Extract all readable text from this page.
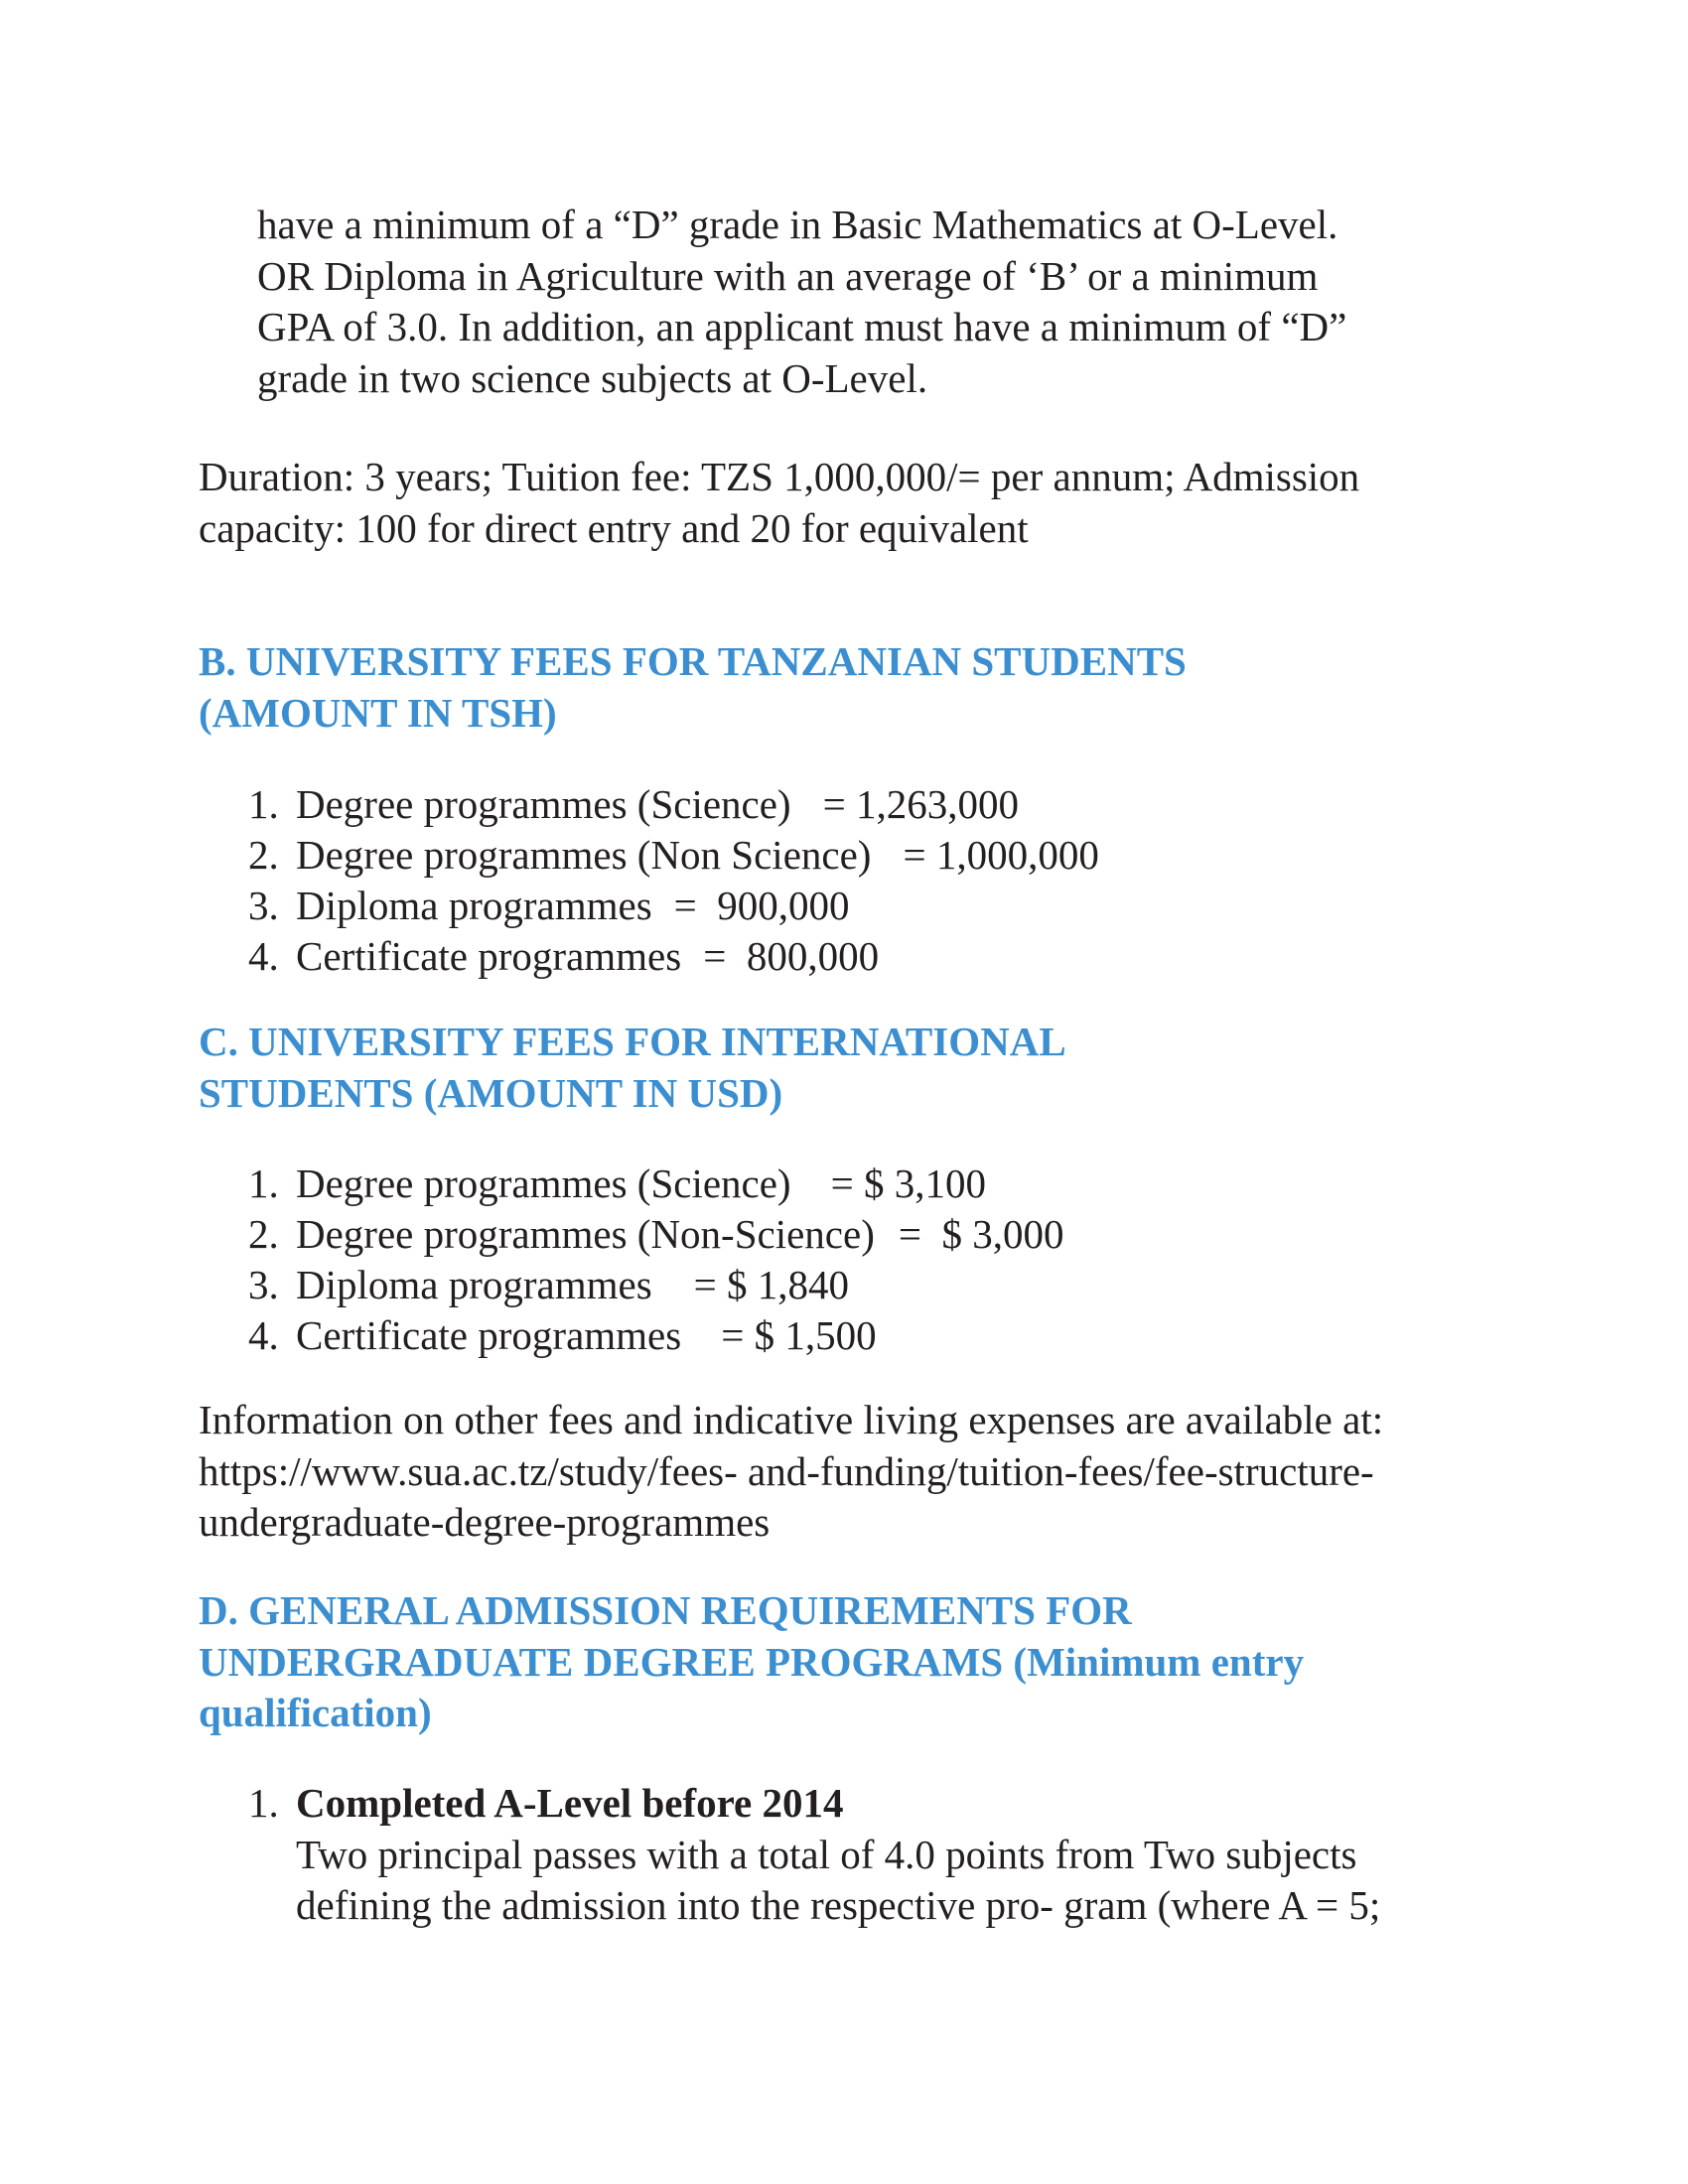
have a minimum of a “D” grade in Basic Mathematics at O-Level.
OR Diploma in Agriculture with an average of ‘B’ or a minimum
GPA of 3.0. In addition, an applicant must have a minimum of “D”
grade in two science subjects at O-Level.

Duration: 3 years; Tuition fee: TZS 1,000,000/= per annum; Admission
capacity: 100 for direct entry and 20 for equivalent

B. UNIVERSITY FEES FOR TANZANIAN STUDENTS
(AMOUNT IN TSH)
1. Degree programmes (Science) = 1,263,000
2. Degree programmes (Non Science) = 1,000,000
3. Diploma programmes =  900,000
4. Certificate programmes =  800,000
C. UNIVERSITY FEES FOR INTERNATIONAL
STUDENTS (AMOUNT IN USD)
1. Degree programmes (Science) = $ 3,100
2. Degree programmes (Non-Science) =  $ 3,000
3. Diploma programmes = $ 1,840
4. Certificate programmes = $ 1,500

Information on other fees and indicative living expenses are available at:
https://www.sua.ac.tz/study/fees- and-funding/tuition-fees/fee-structure-
undergraduate-degree-programmes

D. GENERAL ADMISSION REQUIREMENTS FOR
UNDERGRADUATE DEGREE PROGRAMS (Minimum entry
qualification)
1. Completed A-Level before 2014
Two principal passes with a total of 4.0 points from Two subjects
defining the admission into the respective pro- gram (where A = 5;
